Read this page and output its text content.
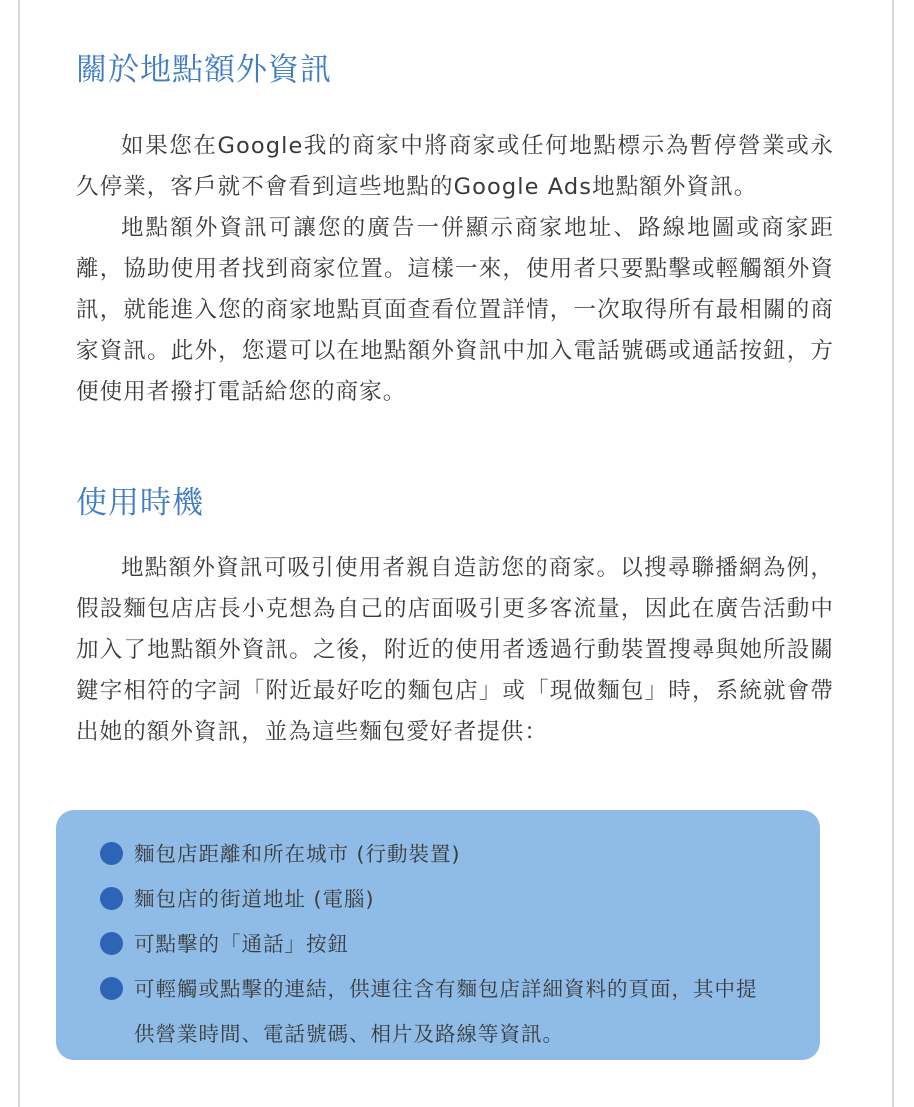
關於地點額外資訊

如果您在Google我的商家中將商家或任何地點標示為暫停營業或永久停業，客戶就不會看到這些地點的Google Ads地點額外資訊。

地點額外資訊可讓您的廣告一併顯示商家地址、路線地圖或商家距離，協助使用者找到商家位置。這樣一來，使用者只要點擊或輕觸額外資訊，就能進入您的商家地點頁面查看位置詳情，一次取得所有最相關的商家資訊。此外，您還可以在地點額外資訊中加入電話號碼或通話按鈕，方便使用者撥打電話給您的商家。

使用時機

地點額外資訊可吸引使用者親自造訪您的商家。以搜尋聯播網為例，假設麵包店店長小克想為自己的店面吸引更多客流量，因此在廣告活動中加入了地點額外資訊。之後，附近的使用者透過行動裝置搜尋與她所設關鍵字相符的字詞「附近最好吃的麵包店」或「現做麵包」時，系統就會帶出她的額外資訊，並為這些麵包愛好者提供：

麵包店距離和所在城市 (行動裝置)
麵包店的街道地址 (電腦)
可點擊的「通話」按鈕
可輕觸或點擊的連結，供連往含有麵包店詳細資料的頁面，其中提供營業時間、電話號碼、相片及路線等資訊。
